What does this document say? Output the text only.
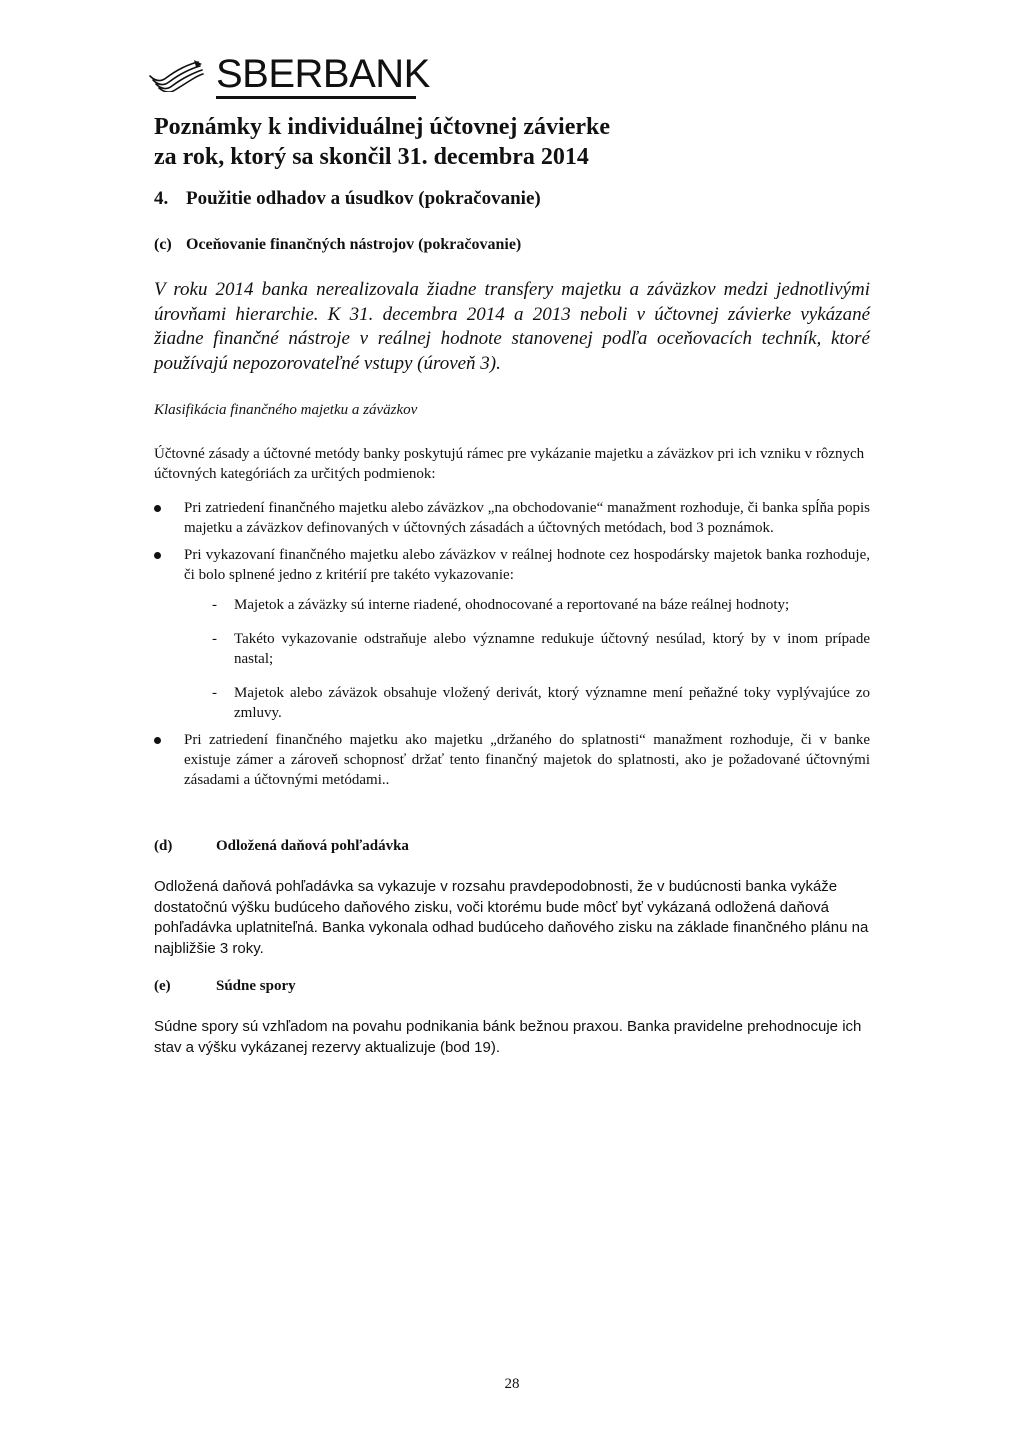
SBERBANK
Poznámky k individuálnej účtovnej závierke
za rok, ktorý sa skončil 31. decembra 2014
4. Použitie odhadov a úsudkov (pokračovanie)
(c) Oceňovanie finančných nástrojov (pokračovanie)

V roku 2014 banka nerealizovala žiadne transfery majetku a záväzkov medzi jednotlivými úrovňami hierarchie. K 31. decembra 2014 a 2013 neboli v účtovnej závierke vykázané žiadne finančné nástroje v reálnej hodnote stanovenej podľa oceňovacích techník, ktoré používajú nepozorovateľné vstupy (úroveň 3).

Klasifikácia finančného majetku a záväzkov

Účtovné zásady a účtovné metódy banky poskytujú rámec pre vykázanie majetku a záväzkov pri ich vzniku v rôznych účtovných kategóriách za určitých podmienok:

Pri zatriedení finančného majetku alebo záväzkov „na obchodovanie“ manažment rozhoduje, či banka spĺňa popis majetku a záväzkov definovaných v účtovných zásadách a účtovných metódach, bod 3 poznámok.
Pri vykazovaní finančného majetku alebo záväzkov v reálnej hodnote cez hospodársky majetok banka rozhoduje, či bolo splnené jedno z kritérií pre takéto vykazovanie:
- Majetok a záväzky sú interne riadené, ohodnocované a reportované na báze reálnej hodnoty;
- Takéto vykazovanie odstraňuje alebo významne redukuje účtovný nesúlad, ktorý by v inom prípade nastal;
- Majetok alebo záväzok obsahuje vložený derivát, ktorý významne mení peňažné toky vyplývajúce zo zmluvy.
Pri zatriedení finančného majetku ako majetku „držaného do splatnosti“ manažment rozhoduje, či v banke existuje zámer a zároveň schopnosť držať tento finančný majetok do splatnosti, ako je požadované účtovnými zásadami a účtovnými metódami..
(d)	Odložená daňová pohľadávka

Odložená daňová pohľadávka sa vykazuje v rozsahu pravdepodobnosti, že v budúcnosti banka vykáže dostatočnú výšku budúceho daňového zisku, voči ktorému bude môcť byť vykázaná odložená daňová pohľadávka uplatniteľná. Banka vykonala odhad budúceho daňového zisku na základe finančného plánu na najbližšie 3 roky.

(e)	Súdne spory

Súdne spory sú vzhľadom na povahu podnikania bánk bežnou praxou. Banka pravidelne prehodnocuje ich stav a výšku vykázanej rezervy aktualizuje (bod 19).

28
